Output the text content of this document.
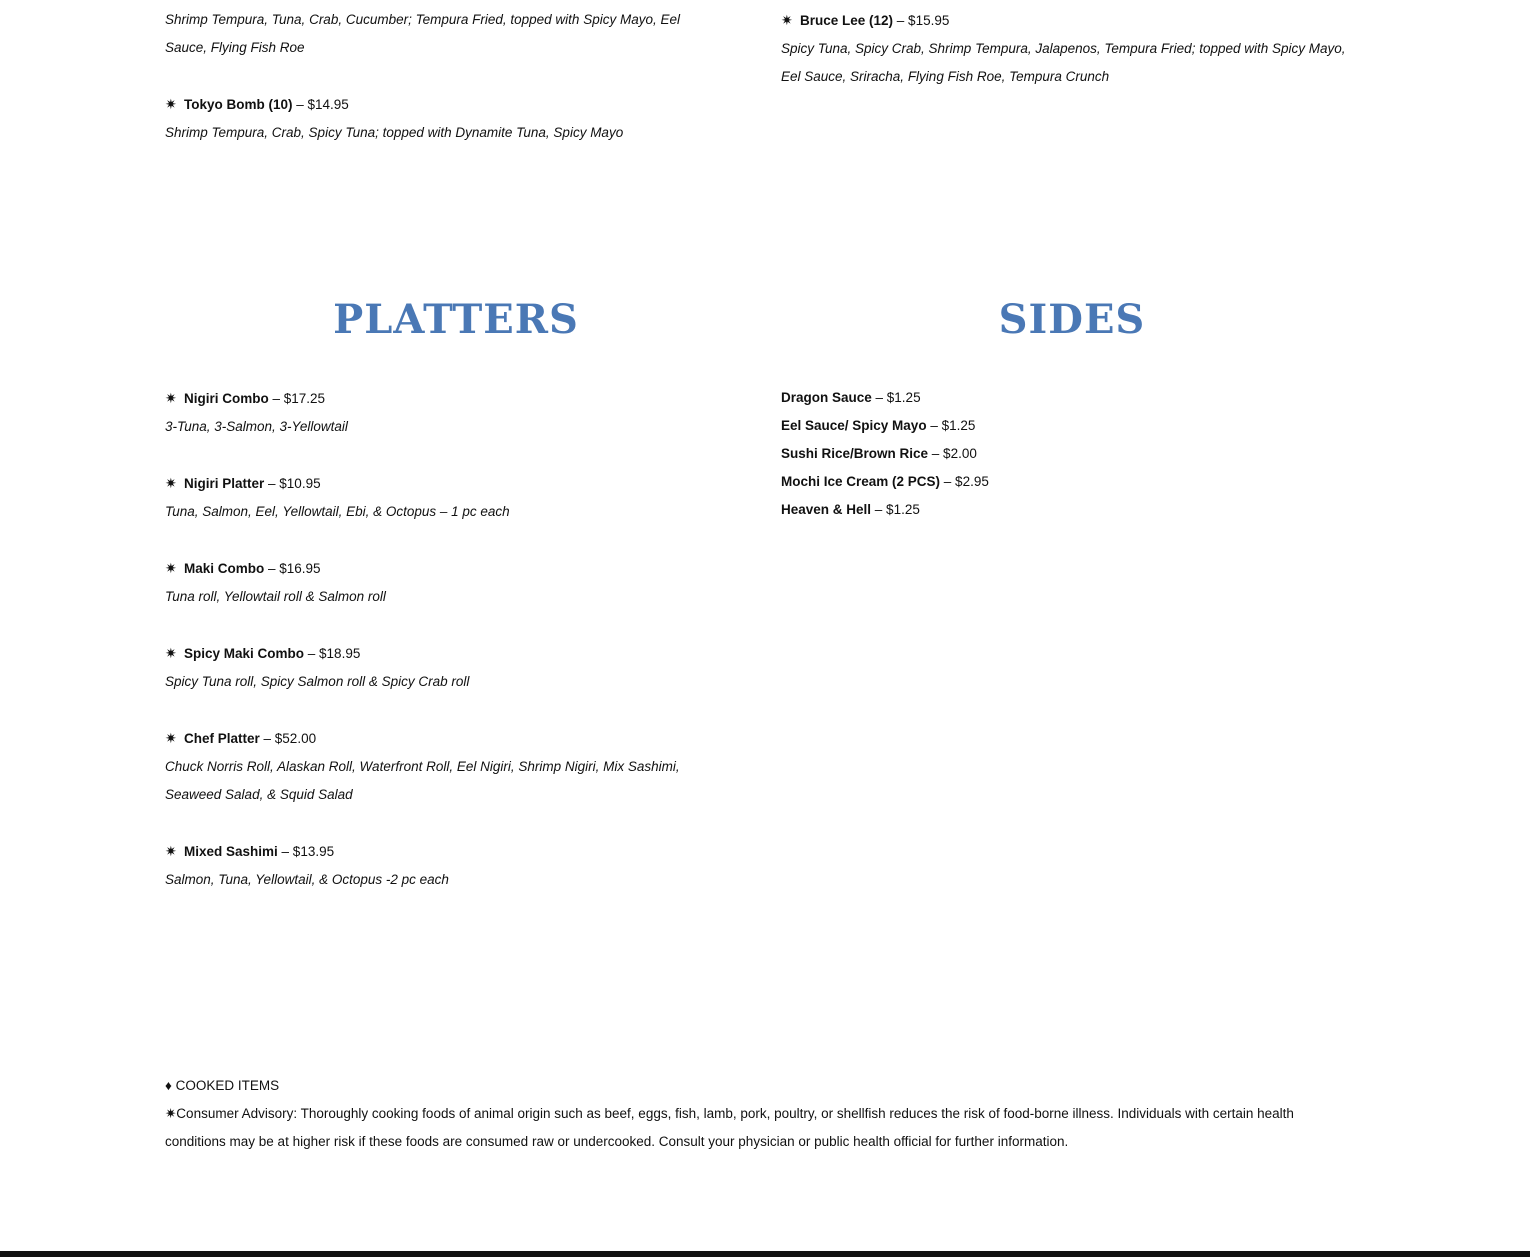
Shrimp Tempura, Tuna, Crab, Cucumber; Tempura Fried, topped with Spicy Mayo, Eel

Sauce, Flying Fish Roe

✷ Tokyo Bomb (10) – $14.95

Shrimp Tempura, Crab, Spicy Tuna; topped with Dynamite Tuna, Spicy Mayo

✷ Bruce Lee (12) – $15.95

Spicy Tuna, Spicy Crab, Shrimp Tempura, Jalapenos, Tempura Fried; topped with Spicy Mayo, Eel Sauce, Sriracha, Flying Fish Roe, Tempura Crunch

PLATTERS	SIDES

✷ Nigiri Combo – $17.25

3-Tuna, 3-Salmon, 3-Yellowtail

✷ Nigiri Platter – $10.95

Tuna, Salmon, Eel, Yellowtail, Ebi, & Octopus – 1 pc each

✷ Maki Combo – $16.95

Tuna roll, Yellowtail roll & Salmon roll

✷ Spicy Maki Combo – $18.95

Spicy Tuna roll, Spicy Salmon roll & Spicy Crab roll

✷ Chef Platter – $52.00

Chuck Norris Roll, Alaskan Roll, Waterfront Roll, Eel Nigiri, Shrimp Nigiri, Mix Sashimi, Seaweed Salad, & Squid Salad

✷ Mixed Sashimi – $13.95

Salmon, Tuna, Yellowtail, & Octopus -2 pc each

Dragon Sauce – $1.25

Eel Sauce/ Spicy Mayo – $1.25

Sushi Rice/Brown Rice – $2.00

Mochi Ice Cream (2 PCS) – $2.95

Heaven & Hell – $1.25

♦ COOKED ITEMS

✷Consumer Advisory: Thoroughly cooking foods of animal origin such as beef, eggs, fish, lamb, pork, poultry, or shellfish reduces the risk of food-borne illness. Individuals with certain health conditions may be at higher risk if these foods are consumed raw or undercooked. Consult your physician or public health official for further information.
